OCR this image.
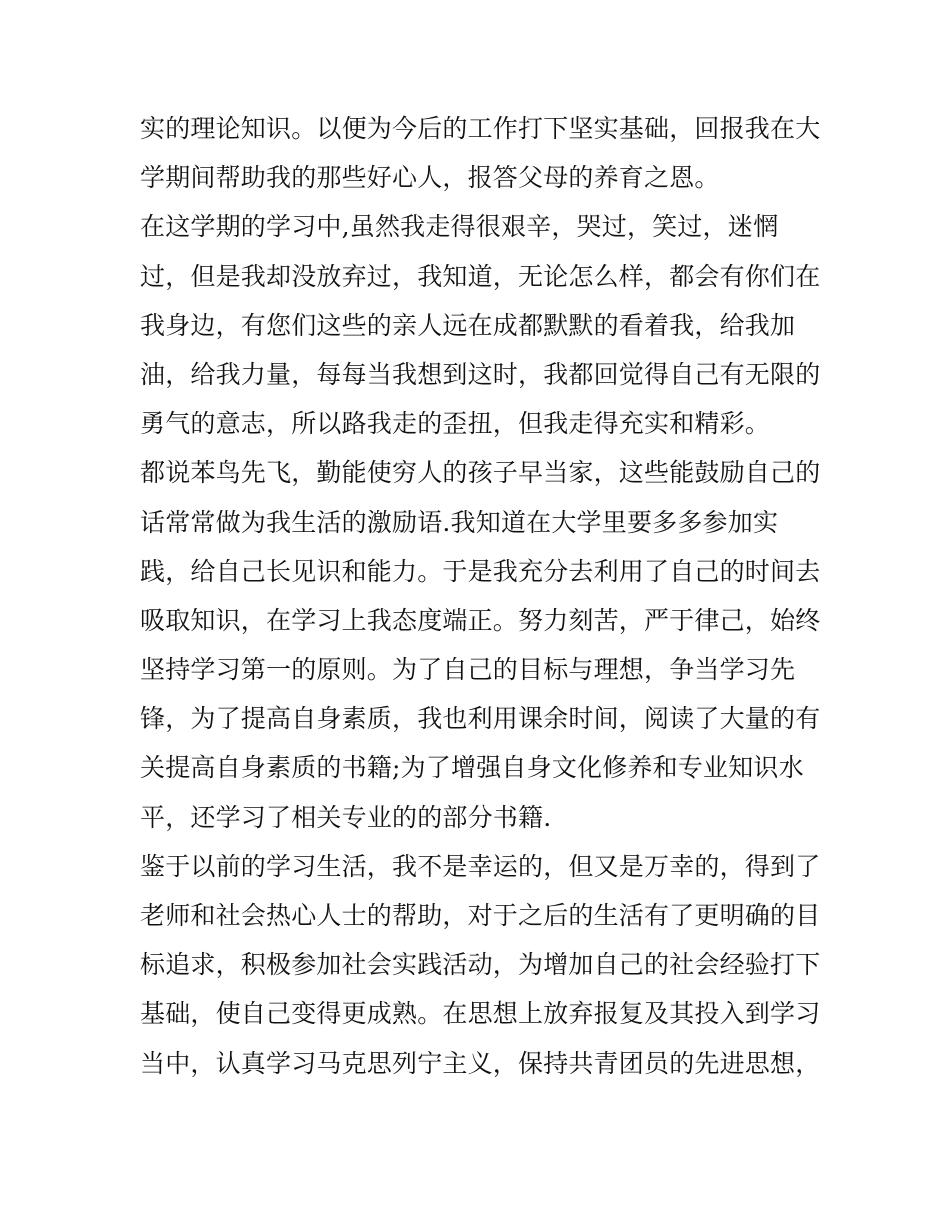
实的理论知识。以便为今后的工作打下坚实基础，回报我在大
学期间帮助我的那些好心人，报答父母的养育之恩。
在这学期的学习中,虽然我走得很艰辛，哭过，笑过，迷惘
过，但是我却没放弃过，我知道，无论怎么样，都会有你们在
我身边，有您们这些的亲人远在成都默默的看着我，给我加
油，给我力量，每每当我想到这时，我都回觉得自己有无限的
勇气的意志，所以路我走的歪扭，但我走得充实和精彩。
都说苯鸟先飞，勤能使穷人的孩子早当家，这些能鼓励自己的
话常常做为我生活的激励语.我知道在大学里要多多参加实
践，给自己长见识和能力。于是我充分去利用了自己的时间去
吸取知识，在学习上我态度端正。努力刻苦，严于律己，始终
坚持学习第一的原则。为了自己的目标与理想，争当学习先
锋，为了提高自身素质，我也利用课余时间，阅读了大量的有
关提高自身素质的书籍;为了增强自身文化修养和专业知识水
平，还学习了相关专业的的部分书籍.
鉴于以前的学习生活，我不是幸运的，但又是万幸的，得到了
老师和社会热心人士的帮助，对于之后的生活有了更明确的目
标追求，积极参加社会实践活动，为增加自己的社会经验打下
基础，使自己变得更成熟。在思想上放弃报复及其投入到学习
当中，认真学习马克思列宁主义，保持共青团员的先进思想，
